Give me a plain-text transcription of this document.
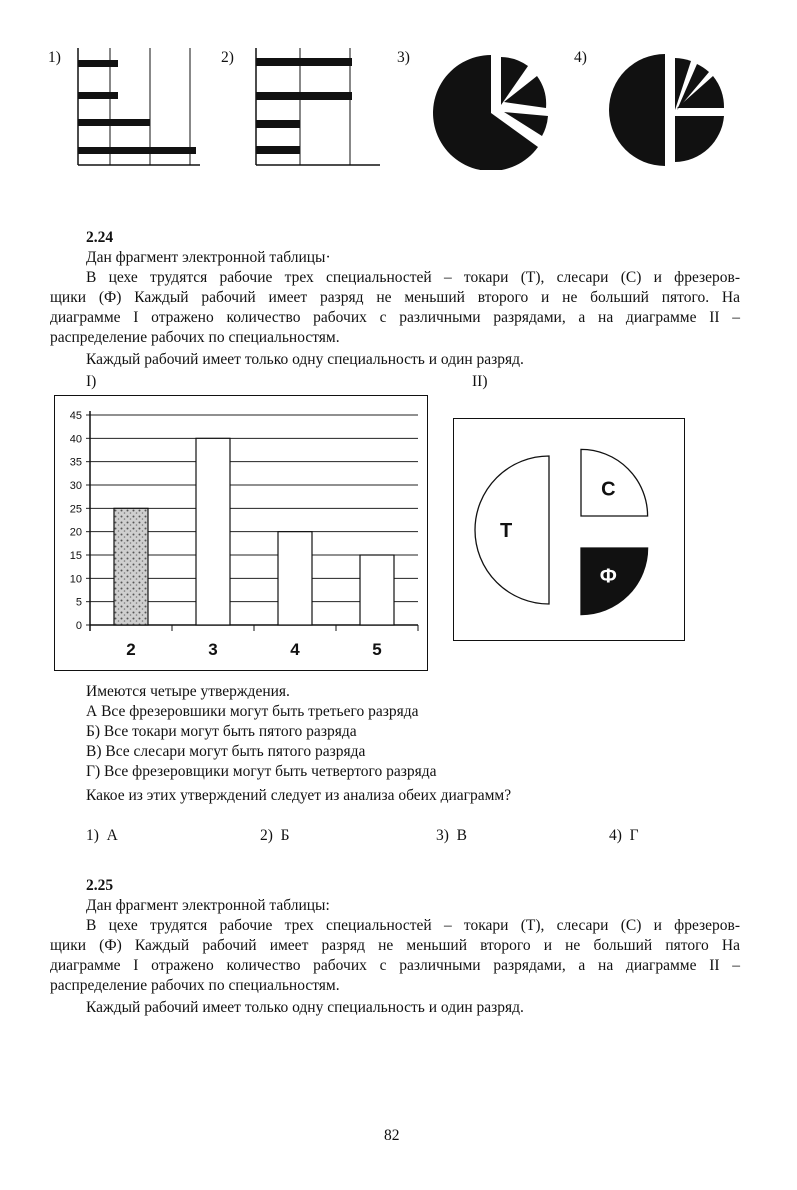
1)	2)	3)	4)
2.24
Дан фрагмент электронной таблицы·
В цехе трудятся рабочие трех специальностей – токари (Т), слесари (С) и фрезеров-
щики (Ф) Каждый рабочий имеет разряд не меньший второго и не больший пятого. На
диаграмме I отражено количество рабочих с различными разрядами, а на диаграмме II –
распределение рабочих по специальностям.
Каждый рабочий имеет только одну специальность и один разряд.
I)	II)
0
5
10
15
20
25
30
35
40
45
2	3	4	5
Т
С
Ф
Имеются четыре утверждения.
А Все фрезеровшики могут быть третьего разряда
Б) Все токари могут быть пятого разряда
В) Все слесари могут быть пятого разряда
Г) Все фрезеровщики могут быть четвертого разряда
Какое из этих утверждений следует из анализа обеих диаграмм?
1) А	2) Б	3) В	4) Г
2.25
Дан фрагмент электронной таблицы:
В цехе трудятся рабочие трех специальностей – токари (Т), слесари (С) и фрезеров-
щики (Ф) Каждый рабочий имеет разряд не меньший второго и не больший пятого Нa
диаграмме I отражено количество рабочих с различными разрядами, а на диаграмме II –
распределение рабочих по специальностям.
Каждый рабочий имеет только одну специальность и один разряд.
82
